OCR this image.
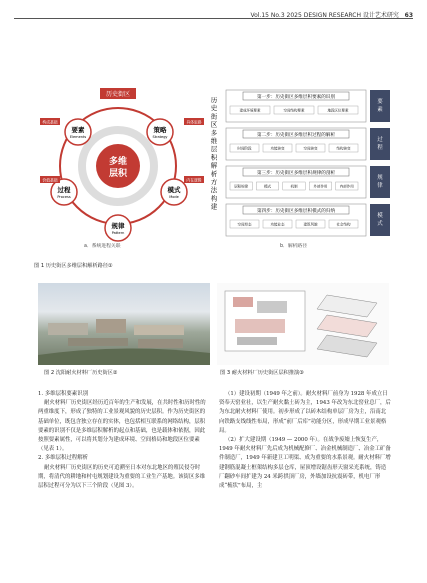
Vol.15 No.3 2025 DESIGN RESEARCH 设计艺术研究 63
历史街区
多维
层积
要素
Elements
策略
Strategy
过程
Process
模式
Mode
规律
Pattern
构成基础
价值基础
具体思路
内在逻辑
历
史
街
区
多
维
层
积
解
析
方
法
构
建
第一步：历史街区多维层积要素的识别
建成环境要素	空间结构要素	地段区位要素
要
素
第二步：历史街区多维层积过程的解析
时间阶段	功能演变	空间演变	结构演变
过
程
第三步：历史街区多维层积规律的剖析
层积规律	模式	机制	外部作用	内部作用
规
律
第四步：历史街区多维层积模式的归纳
空间形态	功能业态	建筑风貌	社会结构
模
式
a．系统进程关联	b．解析路径
图 1 历史街区多维层积解析路径①
图 2 沈阳耐火材料厂历史街区②	图 3 耐火材料厂历史街区层积推演③
1. 多维层积要素识别

耐火材料厂历史街区经历近百年的生产和发展，在共时性和历时性的两重维度下，形成了独特的工业景观风貌的历史层积。作为历史街区的基础单位，既包含独立存在的实体，也包括相互联系的网络结构，层积要素的识别不仅是多维层积解析的起点和基础，也是载体和依据，因此按照要素属性，可以将其划分为建成环境、空间格局和地段区位要素（见表 1）。

2. 多维层积过程解析

耐火材料厂历史街区的历史可追溯至日本对东北地区的殖民侵夺时期，将清代的耕地和村屯规划建设为重要的工业生产基地。该街区多维层积过程可分为以下三个阶段（见图 3）。

（1）建设初期（1949 年之前）。耐火材料厂前身为 1928 年成立日资奉天窑业社，以生产耐火黏土砖为主，1943 年改为东北窑业总厂，后为东北耐火材料厂使用。初步形成了以砖木结构单层厂房为主，沿南北向铁路支线线性布局，形成“前厂后库”功能分区，形成早期工业景观格局。

（2）扩大建设期（1949 — 2000 年）。在战争废墟上恢复生产，1949 年耐火材料厂先后成为机械配修厂、冶金机械制造厂、冶金工矿备件制造厂，1949 年新建卫工明渠、成为重要的水系景观。耐火材料厂增建钢筋混凝土框架结构多层仓库，屋顶增设锯齿形天窗采光系统，铸造厂翻砂车间扩建为 24 米跨拱顶厂房，外墙加设抗震砖带，机电厂形成“梳状”布局，主
